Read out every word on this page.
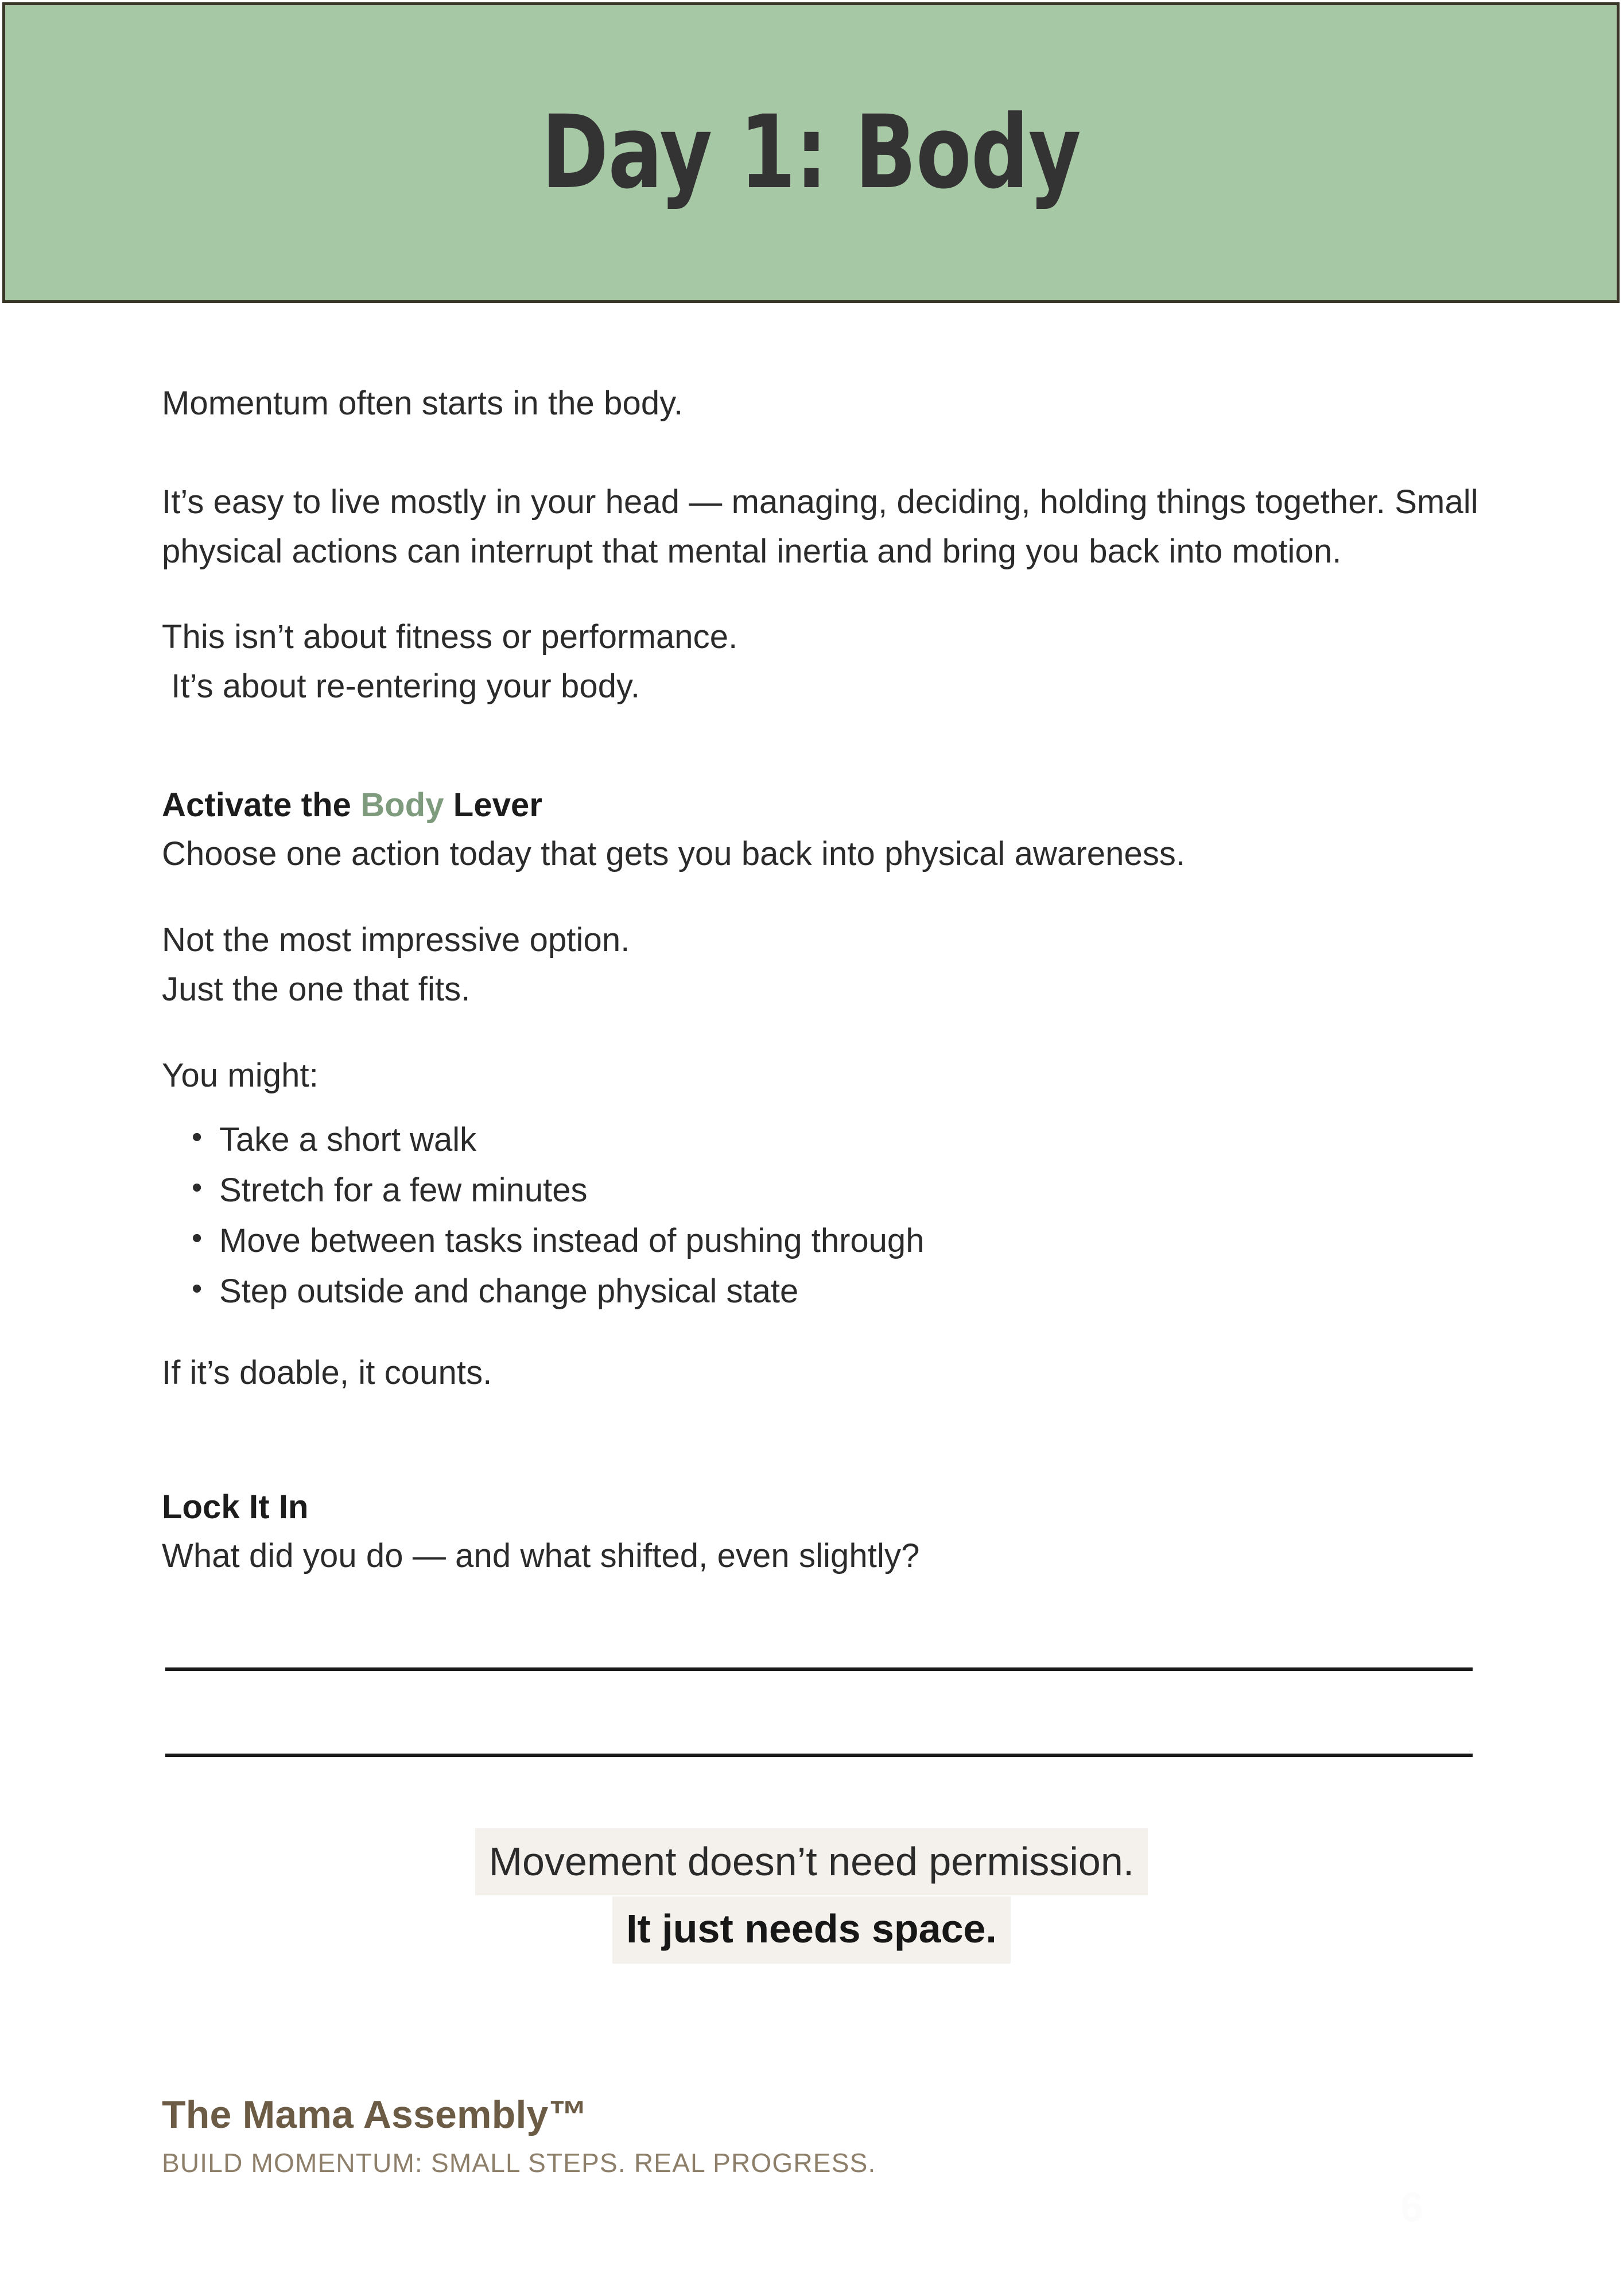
Day 1: Body
Momentum often starts in the body.
It’s easy to live mostly in your head — managing, deciding, holding things together. Small physical actions can interrupt that mental inertia and bring you back into motion.
This isn’t about fitness or performance.
It’s about re-entering your body.
Activate the Body Lever
Choose one action today that gets you back into physical awareness.
Not the most impressive option.
Just the one that fits.
You might:
• Take a short walk
• Stretch for a few minutes
• Move between tasks instead of pushing through
• Step outside and change physical state
If it’s doable, it counts.
Lock It In
What did you do — and what shifted, even slightly?
Movement doesn’t need permission.
It just needs space.
The Mama Assembly™
BUILD MOMENTUM: SMALL STEPS. REAL PROGRESS.
6
